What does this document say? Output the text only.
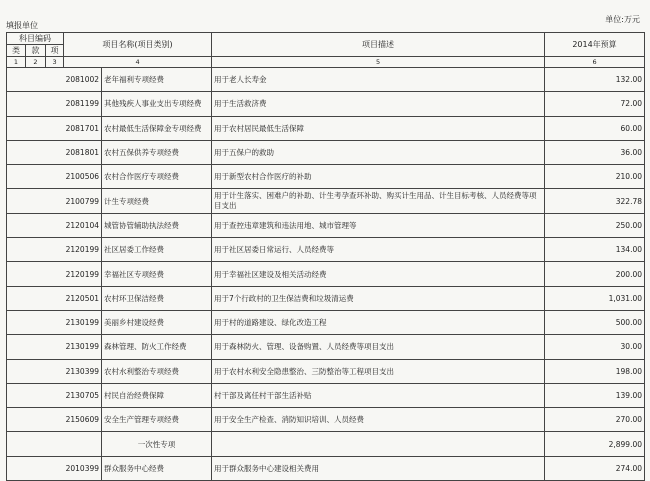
填报单位
单位:万元
科目编码			项目名称(项目类别)		项目描述	2014年预算
类	款	项				
1	2	3	4		5	6
2081002				老年福利专项经费	用于老人长寿金	132.00
2081199				其他残疾人事业支出专项经费	用于生活救济费	72.00
2081701				农村最低生活保障金专项经费	用于农村居民最低生活保障	60.00
2081801				农村五保供养专项经费	用于五保户的救助	36.00
2100506				农村合作医疗专项经费	用于新型农村合作医疗的补助	210.00
2100799				计生专项经费	用于计生落实、困难户的补助、计生考孕查环补助、购买计生用品、计生目标考核、人员经费等项目支出	322.78
2120104				城管协管辅助执法经费	用于查控违章建筑和违法用地、城市管理等	250.00
2120199				社区居委工作经费	用于社区居委日常运行、人员经费等	134.00
2120199				幸福社区专项经费	用于幸福社区建设及相关活动经费	200.00
2120501				农村环卫保洁经费	用于7个行政村的卫生保洁费和垃圾清运费	1,031.00
2130199				美丽乡村建设经费	用于村的道路建设、绿化改造工程	500.00
2130199				森林管理、防火工作经费	用于森林防火、管理、设备购置、人员经费等项目支出	30.00
2130399				农村水利整治专项经费	用于农村水利安全隐患整治、三防整治等工程项目支出	198.00
2130705				村民自治经费保障	村干部及离任村干部生活补贴	139.00
2150609				安全生产管理专项经费	用于安全生产检查、消防知识培训、人员经费	270.00
				一次性专项		2,899.00
2010399				群众服务中心经费	用于群众服务中心建设相关费用	274.00
